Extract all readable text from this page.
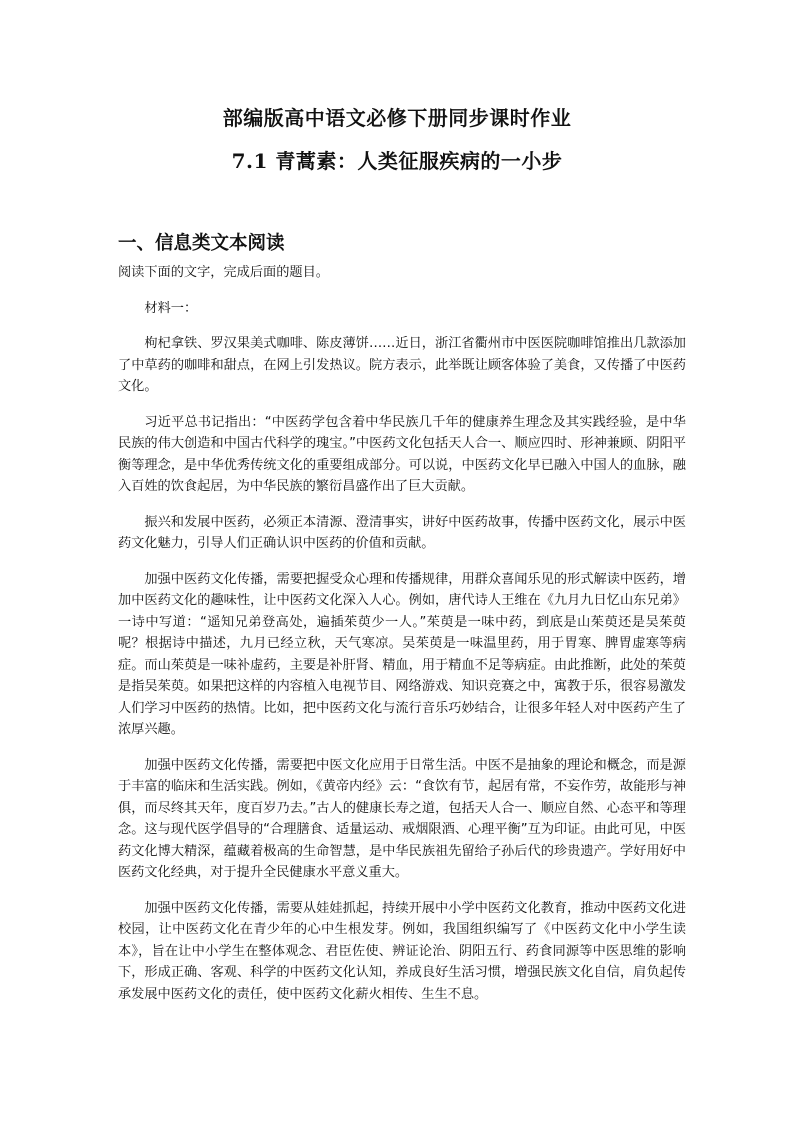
部编版高中语文必修下册同步课时作业
7.1 青蒿素：人类征服疾病的一小步
一、信息类文本阅读

阅读下面的文字，完成后面的题目。

材料一：

枸杞拿铁、罗汉果美式咖啡、陈皮薄饼……近日，浙江省衢州市中医医院咖啡馆推出几款添加了中草药的咖啡和甜点，在网上引发热议。院方表示，此举既让顾客体验了美食，又传播了中医药文化。

习近平总书记指出：“中医药学包含着中华民族几千年的健康养生理念及其实践经验，是中华民族的伟大创造和中国古代科学的瑰宝。”中医药文化包括天人合一、顺应四时、形神兼顾、阴阳平衡等理念，是中华优秀传统文化的重要组成部分。可以说，中医药文化早已融入中国人的血脉，融入百姓的饮食起居，为中华民族的繁衍昌盛作出了巨大贡献。

振兴和发展中医药，必须正本清源、澄清事实，讲好中医药故事，传播中医药文化，展示中医药文化魅力，引导人们正确认识中医药的价值和贡献。

加强中医药文化传播，需要把握受众心理和传播规律，用群众喜闻乐见的形式解读中医药，增加中医药文化的趣味性，让中医药文化深入人心。例如，唐代诗人王维在《九月九日忆山东兄弟》一诗中写道：“遥知兄弟登高处，遍插茱萸少一人。”茱萸是一味中药，到底是山茱萸还是吴茱萸呢？根据诗中描述，九月已经立秋，天气寒凉。吴茱萸是一味温里药，用于胃寒、脾胃虚寒等病症。而山茱萸是一味补虚药，主要是补肝肾、精血，用于精血不足等病症。由此推断，此处的茱萸是指吴茱萸。如果把这样的内容植入电视节目、网络游戏、知识竞赛之中，寓教于乐，很容易激发人们学习中医药的热情。比如，把中医药文化与流行音乐巧妙结合，让很多年轻人对中医药产生了浓厚兴趣。

加强中医药文化传播，需要把中医文化应用于日常生活。中医不是抽象的理论和概念，而是源于丰富的临床和生活实践。例如，《黄帝内经》云：“食饮有节，起居有常，不妄作劳，故能形与神俱，而尽终其天年，度百岁乃去。”古人的健康长寿之道，包括天人合一、顺应自然、心态平和等理念。这与现代医学倡导的“合理膳食、适量运动、戒烟限酒、心理平衡”互为印证。由此可见，中医药文化博大精深，蕴藏着极高的生命智慧，是中华民族祖先留给子孙后代的珍贵遗产。学好用好中医药文化经典，对于提升全民健康水平意义重大。

加强中医药文化传播，需要从娃娃抓起，持续开展中小学中医药文化教育，推动中医药文化进校园，让中医药文化在青少年的心中生根发芽。例如，我国组织编写了《中医药文化中小学生读本》，旨在让中小学生在整体观念、君臣佐使、辨证论治、阴阳五行、药食同源等中医思维的影响下，形成正确、客观、科学的中医药文化认知，养成良好生活习惯，增强民族文化自信，肩负起传承发展中医药文化的责任，使中医药文化薪火相传、生生不息。
